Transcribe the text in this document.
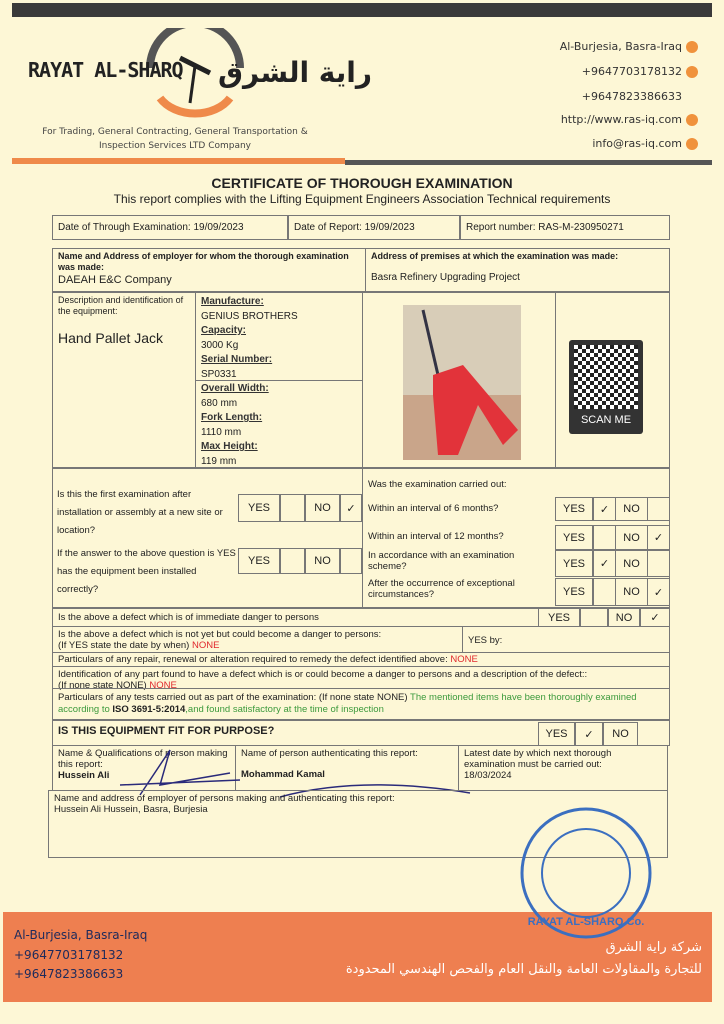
RAYAT AL-SHARQ راية الشرق
For Trading, General Contracting, General Transportation & Inspection Services LTD Company
Al-Burjesia, Basra-Iraq
+9647703178132
+9647823386633
http://www.ras-iq.com
info@ras-iq.com
CERTIFICATE OF THOROUGH EXAMINATION
This report complies with the Lifting Equipment Engineers Association Technical requirements
Date of Through Examination: 19/09/2023	Date of Report: 19/09/2023	Report number: RAS-M-230950271
Name and Address of employer for whom the thorough examination was made:
DAEAH E&C Company
Address of premises at which the examination was made:
Basra Refinery Upgrading Project
Description and identification of the equipment:
Hand Pallet Jack
Manufacture:
GENIUS BROTHERS
Capacity:
3000 Kg
Serial Number:
SP0331
Overall Width:
680 mm
Fork Length:
1110 mm
Max Height:
119 mm
SCAN ME
Is this the first examination after installation or assembly at a new site or location?
If the answer to the above question is YES has the equipment been installed correctly?
YES	NO	✓
YES	NO
Was the examination carried out:
Within an interval of 6 months?	YES	✓	NO
Within an interval of 12 months?	YES	NO	✓
In accordance with an examination scheme?	YES	✓	NO
After the occurrence of exceptional circumstances?	YES	NO	✓
Is the above a defect which is of immediate danger to persons	YES	NO	✓
Is the above a defect which is not yet but could become a danger to persons:
(If YES state the date by when) NONE	YES by:
Particulars of any repair, renewal or alteration required to remedy the defect identified above: NONE
Identification of any part found to have a defect which is or could become a danger to persons and a description of the defect::
(If none state NONE) NONE
Particulars of any tests carried out as part of the examination: (If none state NONE) The mentioned items have been thoroughly examined according to ISO 3691-5:2014,and found satisfactory at the time of inspection
IS THIS EQUIPMENT FIT FOR PURPOSE?	YES	✓	NO
Name & Qualifications of person making this report:
Hussein Ali
Name of person authenticating this report:
Mohammad Kamal
Latest date by which next thorough examination must be carried out:
18/03/2024
Name and address of employer of persons making and authenticating this report:
Hussein Ali Hussein, Basra, Burjesia
Al-Burjesia, Basra-Iraq
+9647703178132
+9647823386633
شركة راية الشرق
للتجارة والمقاولات العامة والنقل العام والفحص الهندسي المحدودة
RAYAT AL-SHARQ Co.
